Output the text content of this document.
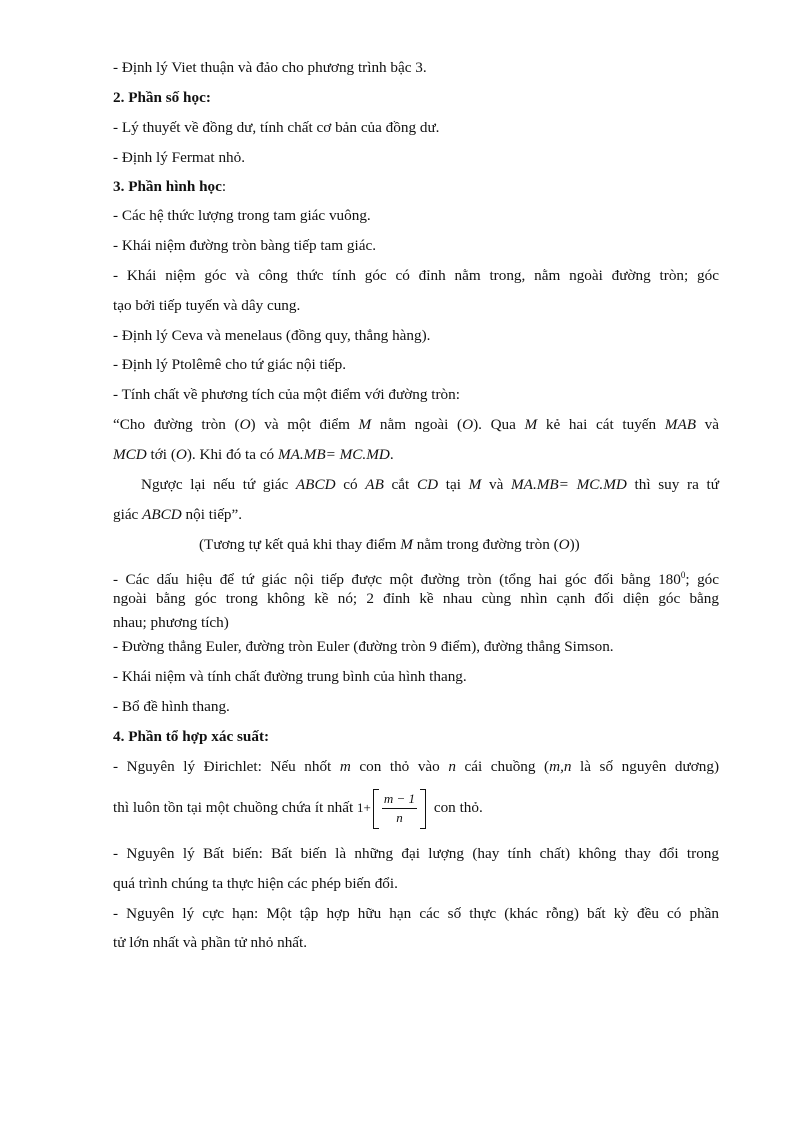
- Định lý Viet thuận và đảo cho phương trình bậc 3.
2. Phần số học:
- Lý thuyết về đồng dư, tính chất cơ bản của đồng dư.
- Định lý Fermat nhỏ.
3. Phần hình học:
- Các hệ thức lượng trong tam giác vuông.
- Khái niệm đường tròn bàng tiếp tam giác.
- Khái niệm góc và công thức tính góc có đỉnh nằm trong, nằm ngoài đường tròn; góc
tạo bởi tiếp tuyến và dây cung.
- Định lý Ceva và menelaus (đồng quy, thẳng hàng).
- Định lý Ptolêmê cho tứ giác nội tiếp.
- Tính chất về phương tích của một điểm với đường tròn:
“Cho đường tròn (O) và một điểm M nằm ngoài (O). Qua M kẻ hai cát tuyến MAB và
MCD tới (O). Khi đó ta có MA.MB= MC.MD.
Ngược lại nếu tứ giác ABCD có AB cắt CD tại M và MA.MB= MC.MD thì suy ra tứ
giác ABCD nội tiếp”.
(Tương tự kết quả khi thay điểm M nằm trong đường tròn (O))
- Các dấu hiệu để tứ giác nội tiếp được một đường tròn (tổng hai góc đối bằng $180^0$; góc
ngoài bằng góc trong không kề nó; 2 đỉnh kề nhau cùng nhìn cạnh đối diện góc bằng
nhau; phương tích)
- Đường thẳng Euler, đường tròn Euler (đường tròn 9 điểm), đường thẳng Simson.
- Khái niệm và tính chất đường trung bình của hình thang.
- Bổ đề hình thang.
4. Phần tổ hợp xác suất:
- Nguyên lý Đirichlet: Nếu nhốt m con thỏ vào n cái chuồng (m,n là số nguyên dương)
thì luôn tồn tại một chuồng chứa ít nhất $1+ \frac{m - 1}{n}$ con thỏ.
- Nguyên lý Bất biến: Bất biến là những đại lượng (hay tính chất) không thay đổi trong
quá trình chúng ta thực hiện các phép biến đổi.
- Nguyên lý cực hạn: Một tập hợp hữu hạn các số thực (khác rỗng) bất kỳ đều có phần
tử lớn nhất và phần tử nhỏ nhất.
